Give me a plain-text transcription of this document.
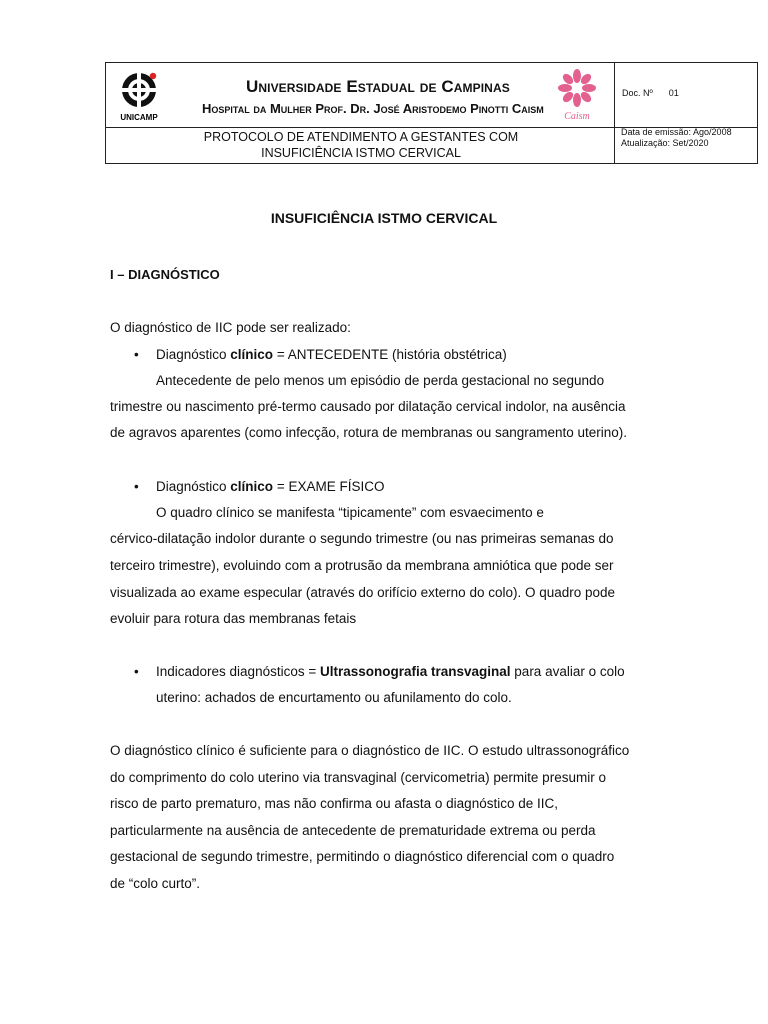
UNICAMP
Universidade Estadual de Campinas
Hospital da Mulher Prof. Dr. José Aristodemo Pinotti Caism
Caism
Doc. Nº 01
PROTOCOLO DE ATENDIMENTO A GESTANTES COM
INSUFICIÊNCIA ISTMO CERVICAL
Data de emissão: Ago/2008
Atualização: Set/2020
INSUFICIÊNCIA ISTMO CERVICAL
I – DIAGNÓSTICO
O diagnóstico de IIC pode ser realizado:
• Diagnóstico clínico = ANTECEDENTE (história obstétrica)
Antecedente de pelo menos um episódio de perda gestacional no segundo
trimestre ou nascimento pré-termo causado por dilatação cervical indolor, na ausência
de agravos aparentes (como infecção, rotura de membranas ou sangramento uterino).
• Diagnóstico clínico = EXAME FÍSICO
O quadro clínico se manifesta “tipicamente” com esvaecimento e
cérvico-dilatação indolor durante o segundo trimestre (ou nas primeiras semanas do
terceiro trimestre), evoluindo com a protrusão da membrana amniótica que pode ser
visualizada ao exame especular (através do orifício externo do colo). O quadro pode
evoluir para rotura das membranas fetais
• Indicadores diagnósticos = Ultrassonografia transvaginal para avaliar o colo
uterino: achados de encurtamento ou afunilamento do colo.
O diagnóstico clínico é suficiente para o diagnóstico de IIC. O estudo ultrassonográfico
do comprimento do colo uterino via transvaginal (cervicometria) permite presumir o
risco de parto prematuro, mas não confirma ou afasta o diagnóstico de IIC,
particularmente na ausência de antecedente de prematuridade extrema ou perda
gestacional de segundo trimestre, permitindo o diagnóstico diferencial com o quadro
de “colo curto”.
